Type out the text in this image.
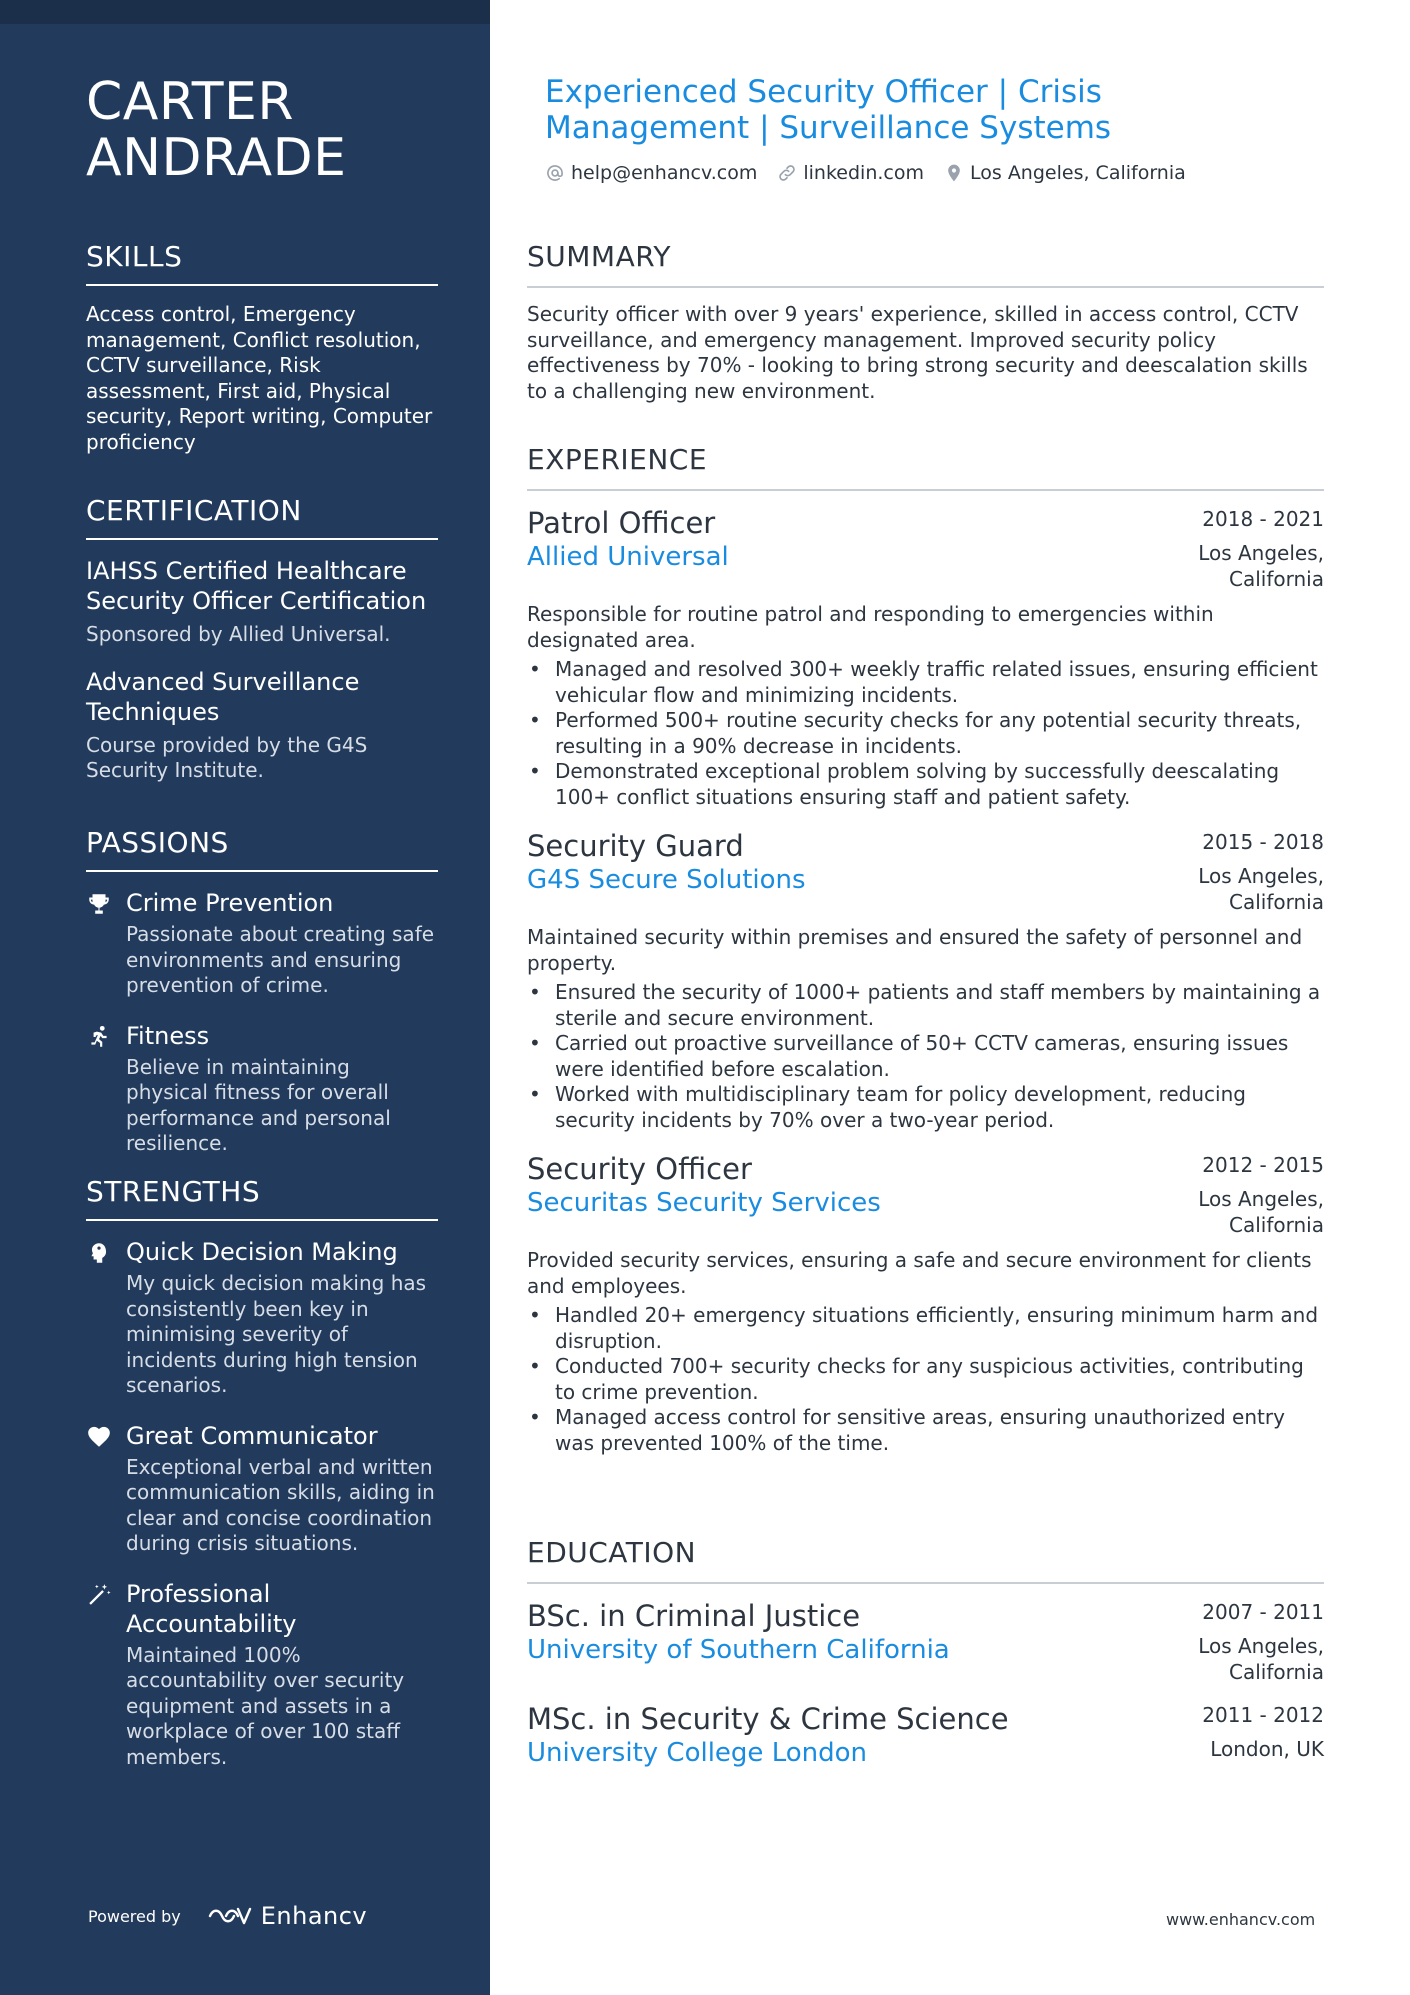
CARTER
ANDRADE
SKILLS
Access control, Emergency management, Conflict resolution, CCTV surveillance, Risk assessment, First aid, Physical security, Report writing, Computer proficiency
CERTIFICATION
IAHSS Certified Healthcare Security Officer Certification
Sponsored by Allied Universal.
Advanced Surveillance Techniques
Course provided by the G4S Security Institute.
PASSIONS
Crime Prevention
Passionate about creating safe environments and ensuring prevention of crime.
Fitness
Believe in maintaining physical fitness for overall performance and personal resilience.
STRENGTHS
Quick Decision Making
My quick decision making has consistently been key in minimising severity of incidents during high tension scenarios.
Great Communicator
Exceptional verbal and written communication skills, aiding in clear and concise coordination during crisis situations.
Professional Accountability
Maintained 100% accountability over security equipment and assets in a workplace of over 100 staff members.
Powered by	Enhancv
Experienced Security Officer | Crisis Management | Surveillance Systems
help@enhancv.com linkedin.com Los Angeles, California
SUMMARY
Security officer with over 9 years' experience, skilled in access control, CCTV surveillance, and emergency management. Improved security policy effectiveness by 70% - looking to bring strong security and deescalation skills to a challenging new environment.
EXPERIENCE
Patrol Officer	2018 - 2021
Allied Universal	Los Angeles, California
Responsible for routine patrol and responding to emergencies within designated area.
• Managed and resolved 300+ weekly traffic related issues, ensuring efficient vehicular flow and minimizing incidents.
• Performed 500+ routine security checks for any potential security threats, resulting in a 90% decrease in incidents.
• Demonstrated exceptional problem solving by successfully deescalating 100+ conflict situations ensuring staff and patient safety.
Security Guard	2015 - 2018
G4S Secure Solutions	Los Angeles, California
Maintained security within premises and ensured the safety of personnel and property.
• Ensured the security of 1000+ patients and staff members by maintaining a sterile and secure environment.
• Carried out proactive surveillance of 50+ CCTV cameras, ensuring issues were identified before escalation.
• Worked with multidisciplinary team for policy development, reducing security incidents by 70% over a two-year period.
Security Officer	2012 - 2015
Securitas Security Services	Los Angeles, California
Provided security services, ensuring a safe and secure environment for clients and employees.
• Handled 20+ emergency situations efficiently, ensuring minimum harm and disruption.
• Conducted 700+ security checks for any suspicious activities, contributing to crime prevention.
• Managed access control for sensitive areas, ensuring unauthorized entry was prevented 100% of the time.
EDUCATION
BSc. in Criminal Justice	2007 - 2011
University of Southern California	Los Angeles, California
MSc. in Security & Crime Science	2011 - 2012
University College London	London, UK
www.enhancv.com
